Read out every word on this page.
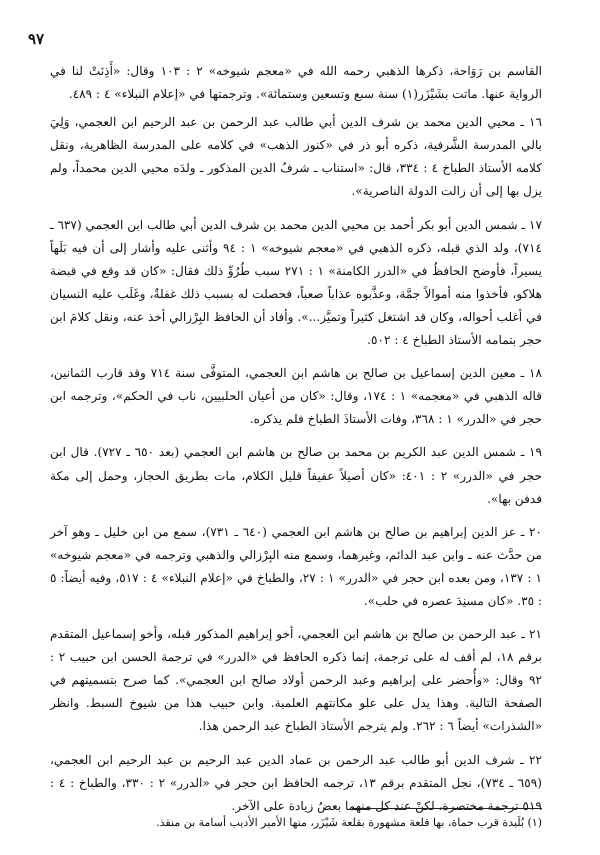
٩٧

القاسم بن رَوَاحة، ذكرها الذهبي رحمه الله في «معجم شيوخه» ٢ : ١٠٣ وقال: «أَذِنَتْ لنا في الرواية عنها. ماتت بشَيْزَر(١) سنة سبع وتسعين وستمائة». وترجمتها في «إعلام النبلاء» ٤ : ٤٨٩.

١٦ ـ محيي الدين محمد بن شرف الدين أبي طالب عبد الرحمن بن عبد الرحيم ابن العجمي، وَلِيَ بالي المدرسة الشَّرفية، ذكره أبو ذر في «كنوز الذهب» في كلامه على المدرسة الظاهرية، ونقل كلامه الأستاذ الطباخ ٤ : ٣٣٤، قال: «استناب ـ شرفُ الدين المذكور ـ ولدَه محيي الدين محمداً، ولم يزل بها إلى أن زالت الدولة الناصرية».

١٧ ـ شمس الدين أبو بكر أحمد بن محيي الدين محمد بن شرف الدين أبي طالب ابن العجمي (٦٣٧ ـ ٧١٤)، ولد الذي قبله، ذكره الذهبي في «معجم شيوخه» ١ : ٩٤ وأثنى عليه وأشار إلى أن فيه بَلَهاً يسيراً، فأوضح الحافظُ في «الدرر الكامنة» ١ : ٢٧١ سبب طُرُوِّ ذلك فقال: «كان قد وقع في قبضة هلاكو، فأخذوا منه أموالاً جمَّة، وعذَّبوه عذاباً صعباً، فحصلت له بسبب ذلك غفلةٌ، وغَلَب عليه النسيان في أغلب أحواله، وكان قد اشتغل كثيراً وتميَّز...». وأفاد أن الحافظ البِرْزالي أخذ عنه، ونقل كلامَ ابن حجر بتمامه الأستاذ الطباخ ٤ : ٥٠٢.

١٨ ـ معين الدين إسماعيل بن صالح بن هاشم ابن العجمي، المتوفَّى سنة ٧١٤ وقد قارب الثمانين، قاله الذهبي في «معجمه» ١ : ١٧٤، وقال: «كان من أعيان الحلبيين، ناب في الحكم»، وترجمه ابن حجر في «الدرر» ١ : ٣٦٨، وفات الأستاذَ الطباخ فلم يذكره.

١٩ ـ شمس الدين عبد الكريم بن محمد بن صالح بن هاشم ابن العجمي (بعد ٦٥٠ ـ ٧٢٧). قال ابن حجر في «الدرر» ٢ : ٤٠١: «كان أصيلاً عفيفاً قليل الكلام، مات بطريق الحجاز، وحمل إلى مكة فدفن بها».

٢٠ ـ عز الدين إبراهيم بن صالح بن هاشم ابن العجمي (٦٤٠ ـ ٧٣١)، سمع من ابن خليل ـ وهو آخر من حدَّث عنه ـ وابن عبد الدائم، وغيرهما، وسمع منه البِرْزالي والذهبي وترجمه في «معجم شيوخه» ١ : ١٣٧، ومن بعده ابن حجر في «الدرر» ١ : ٢٧، والطباخ في «إعلام النبلاء» ٤ : ٥١٧، وفيه أيضاً: ٥ : ٣٥. «كان مسنِدَ عصره في حلب».

٢١ ـ عبد الرحمن بن صالح بن هاشم ابن العجمي، أخو إبراهيم المذكور قبله، وأخو إسماعيل المتقدم برقم ١٨، لم أقف له على ترجمة، إنما ذكره الحافظ في «الدرر» في ترجمة الحسن ابن حبيب ٢ : ٩٢ وقال: «وأُحضر على إبراهيم وعبد الرحمن أولاد صالح ابن العجمي». كما صرح بتسميتهم في الصفحة التالية. وهذا يدل على علو مكانتهم العلمية. وابن حبيب هذا من شيوخ السبط. وانظر «الشذرات» أيضاً ٦ : ٢٦٢. ولم يترجم الأستاذ الطباخ عبد الرحمن هذا.

٢٢ ـ شرف الدين أبو طالب عبد الرحمن بن عماد الدين عبد الرحيم بن عبد الرحيم ابن العجمي، (٦٥٩ ـ ٧٣٤)، نجل المتقدم برقم ١٣، ترجمه الحافظ ابن حجر في «الدرر» ٢ : ٣٣٠، والطباخ : ٤ : ٥١٩ ترجمة مختصرة، لكنْ عند كل منهما بعضُ زيادة على الآخر.

(١) بُلَيدة قرب حماة، بها قلعة مشهورة بقلعة شَيْزَر، منها الأمير الأديب أسامة بن منقذ.
